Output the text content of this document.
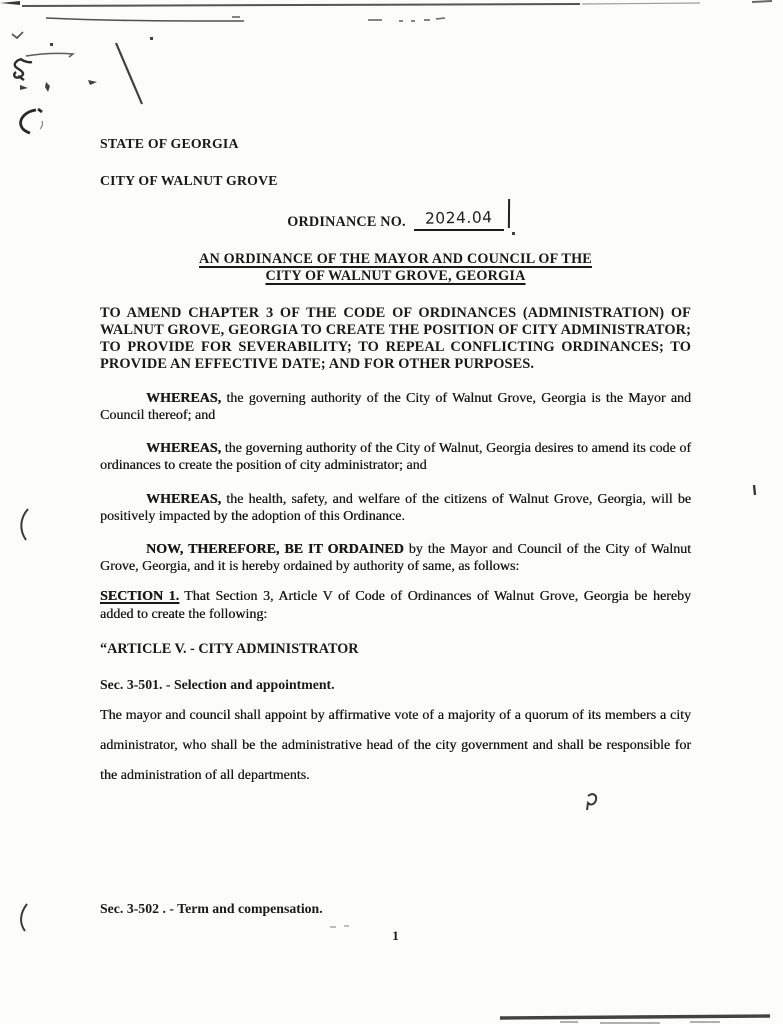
STATE OF GEORGIA

CITY OF WALNUT GROVE

ORDINANCE NO.	2024.04
AN ORDINANCE OF THE MAYOR AND COUNCIL OF THE
CITY OF WALNUT GROVE, GEORGIA

TO AMEND CHAPTER 3 OF THE CODE OF ORDINANCES (ADMINISTRATION) OF WALNUT GROVE, GEORGIA TO CREATE THE POSITION OF CITY ADMINISTRATOR; TO PROVIDE FOR SEVERABILITY; TO REPEAL CONFLICTING ORDINANCES; TO PROVIDE AN EFFECTIVE DATE; AND FOR OTHER PURPOSES.

WHEREAS, the governing authority of the City of Walnut Grove, Georgia is the Mayor and Council thereof; and

WHEREAS, the governing authority of the City of Walnut, Georgia desires to amend its code of ordinances to create the position of city administrator; and

WHEREAS, the health, safety, and welfare of the citizens of Walnut Grove, Georgia, will be positively impacted by the adoption of this Ordinance.

NOW, THEREFORE, BE IT ORDAINED by the Mayor and Council of the City of Walnut Grove, Georgia, and it is hereby ordained by authority of same, as follows:

SECTION 1. That Section 3, Article V of Code of Ordinances of Walnut Grove, Georgia be hereby added to create the following:

“ARTICLE V. - CITY ADMINISTRATOR

Sec. 3-501. - Selection and appointment.

The mayor and council shall appoint by affirmative vote of a majority of a quorum of its members a city administrator, who shall be the administrative head of the city government and shall be responsible for the administration of all departments.

Sec. 3-502 . - Term and compensation.

1
